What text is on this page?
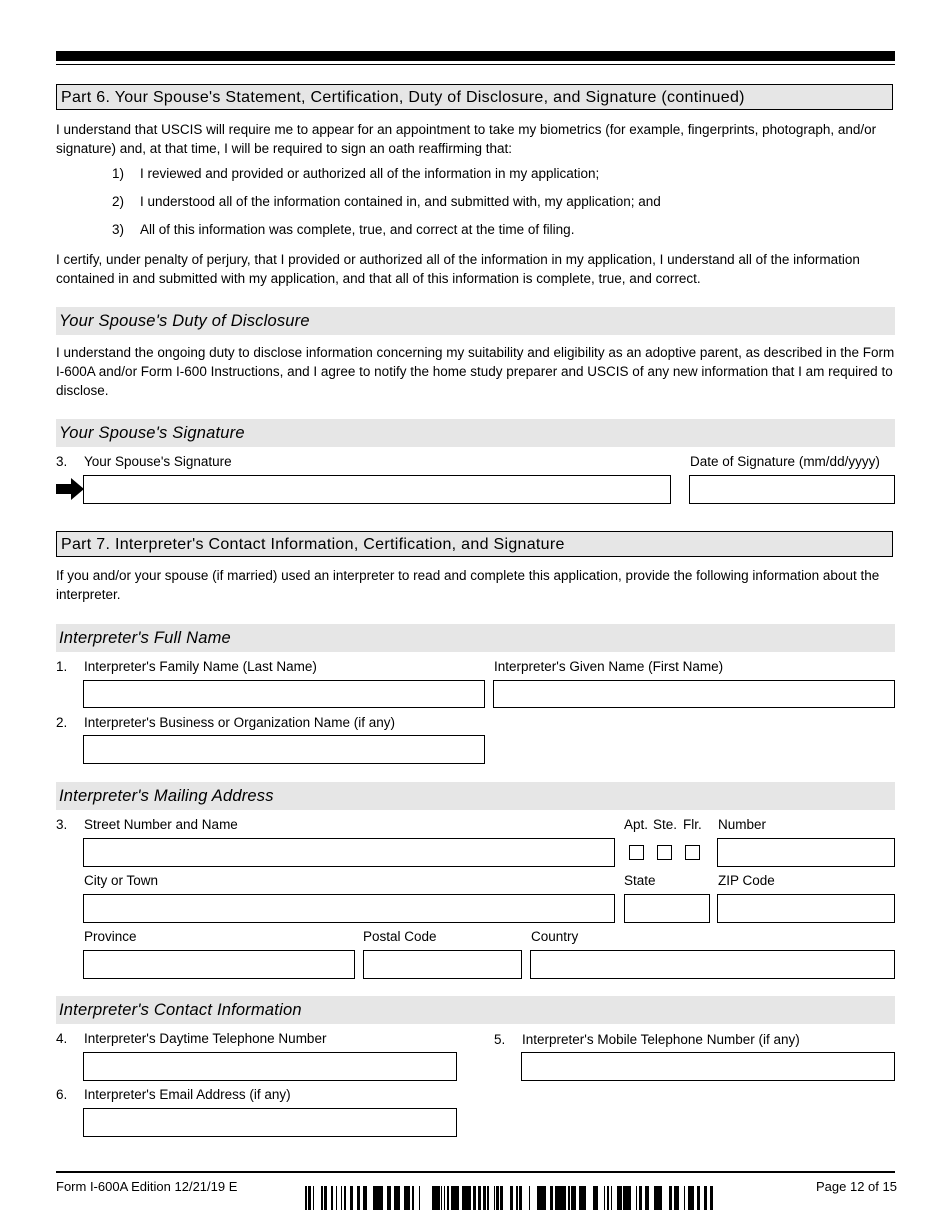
Part 6. Your Spouse's Statement, Certification, Duty of Disclosure, and Signature (continued)
I understand that USCIS will require me to appear for an appointment to take my biometrics (for example, fingerprints, photograph, and/or signature) and, at that time, I will be required to sign an oath reaffirming that:
1) I reviewed and provided or authorized all of the information in my application;
2) I understood all of the information contained in, and submitted with, my application; and
3) All of this information was complete, true, and correct at the time of filing.
I certify, under penalty of perjury, that I provided or authorized all of the information in my application, I understand all of the information contained in and submitted with my application, and that all of this information is complete, true, and correct.
Your Spouse's Duty of Disclosure
I understand the ongoing duty to disclose information concerning my suitability and eligibility as an adoptive parent, as described in the Form I-600A and/or Form I-600 Instructions, and I agree to notify the home study preparer and USCIS of any new information that I am required to disclose.
Your Spouse's Signature
3. Your Spouse's Signature	Date of Signature (mm/dd/yyyy)
Part 7. Interpreter's Contact Information, Certification, and Signature
If you and/or your spouse (if married) used an interpreter to read and complete this application, provide the following information about the interpreter.
Interpreter's Full Name
1. Interpreter's Family Name (Last Name)	Interpreter's Given Name (First Name)
2. Interpreter's Business or Organization Name (if any)
Interpreter's Mailing Address
3. Street Number and Name	Apt. Ste. Flr. Number
City or Town	State	ZIP Code
Province	Postal Code	Country
Interpreter's Contact Information
4. Interpreter's Daytime Telephone Number	5. Interpreter's Mobile Telephone Number (if any)
6. Interpreter's Email Address (if any)
Form I-600A Edition 12/21/19 E	Page 12 of 15
